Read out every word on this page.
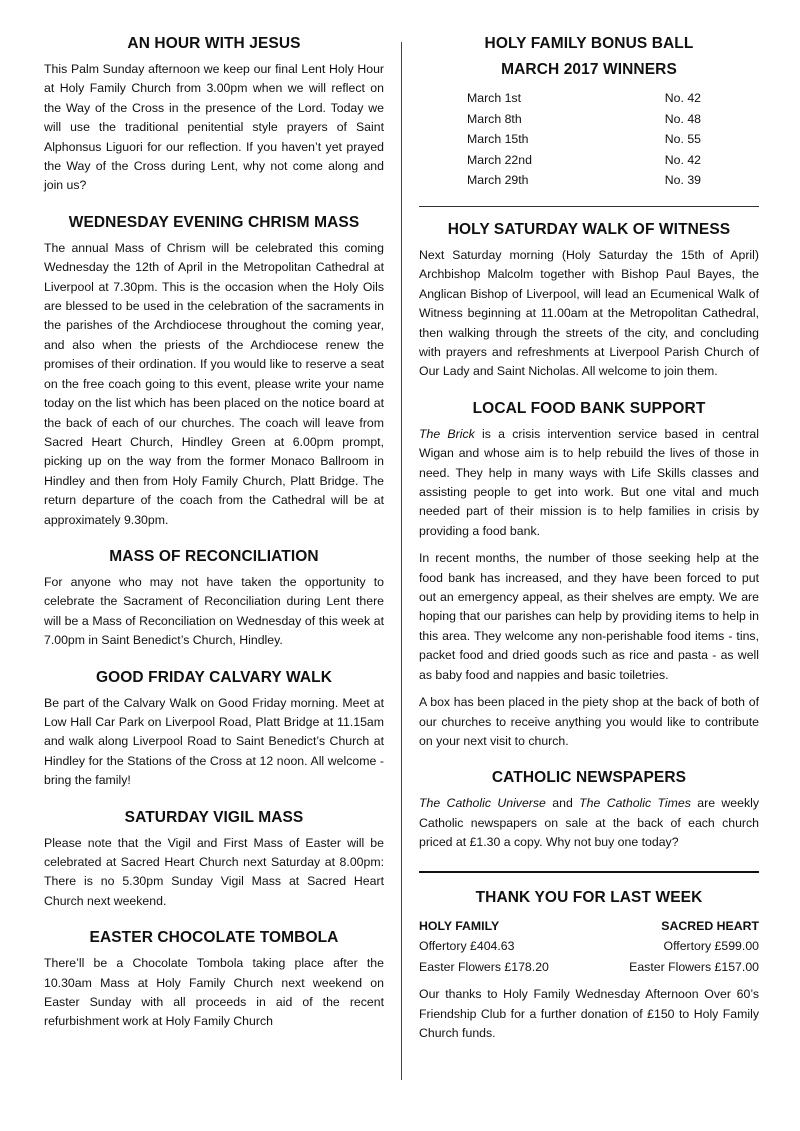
AN HOUR WITH JESUS

This Palm Sunday afternoon we keep our final Lent Holy Hour at Holy Family Church from 3.00pm when we will reflect on the Way of the Cross in the presence of the Lord. Today we will use the traditional penitential style prayers of Saint Alphonsus Liguori for our reflection. If you haven’t yet prayed the Way of the Cross during Lent, why not come along and join us?

WEDNESDAY EVENING CHRISM MASS

The annual Mass of Chrism will be celebrated this coming Wednesday the 12th of April in the Metropolitan Cathedral at Liverpool at 7.30pm. This is the occasion when the Holy Oils are blessed to be used in the celebration of the sacraments in the parishes of the Archdiocese throughout the coming year, and also when the priests of the Archdiocese renew the promises of their ordination. If you would like to reserve a seat on the free coach going to this event, please write your name today on the list which has been placed on the notice board at the back of each of our churches. The coach will leave from Sacred Heart Church, Hindley Green at 6.00pm prompt, picking up on the way from the former Monaco Ballroom in Hindley and then from Holy Family Church, Platt Bridge. The return departure of the coach from the Cathedral will be at approximately 9.30pm.

MASS OF RECONCILIATION

For anyone who may not have taken the opportunity to celebrate the Sacrament of Reconciliation during Lent there will be a Mass of Reconciliation on Wednesday of this week at 7.00pm in Saint Benedict’s Church, Hindley.

GOOD FRIDAY CALVARY WALK

Be part of the Calvary Walk on Good Friday morning. Meet at Low Hall Car Park on Liverpool Road, Platt Bridge at 11.15am and walk along Liverpool Road to Saint Benedict’s Church at Hindley for the Stations of the Cross at 12 noon. All welcome - bring the family!

SATURDAY VIGIL MASS

Please note that the Vigil and First Mass of Easter will be celebrated at Sacred Heart Church next Saturday at 8.00pm: There is no 5.30pm Sunday Vigil Mass at Sacred Heart Church next weekend.

EASTER CHOCOLATE TOMBOLA

There’ll be a Chocolate Tombola taking place after the 10.30am Mass at Holy Family Church next weekend on Easter Sunday with all proceeds in aid of the recent refurbishment work at Holy Family Church

HOLY FAMILY BONUS BALL
MARCH 2017 WINNERS
March 1st	No. 42
March 8th	No. 48
March 15th	No. 55
March 22nd	No. 42
March 29th	No. 39
HOLY SATURDAY WALK OF WITNESS

Next Saturday morning (Holy Saturday the 15th of April) Archbishop Malcolm together with Bishop Paul Bayes, the Anglican Bishop of Liverpool, will lead an Ecumenical Walk of Witness beginning at 11.00am at the Metropolitan Cathedral, then walking through the streets of the city, and concluding with prayers and refreshments at Liverpool Parish Church of Our Lady and Saint Nicholas. All welcome to join them.

LOCAL FOOD BANK SUPPORT

The Brick is a crisis intervention service based in central Wigan and whose aim is to help rebuild the lives of those in need. They help in many ways with Life Skills classes and assisting people to get into work. But one vital and much needed part of their mission is to help families in crisis by providing a food bank.

In recent months, the number of those seeking help at the food bank has increased, and they have been forced to put out an emergency appeal, as their shelves are empty. We are hoping that our parishes can help by providing items to help in this area. They welcome any non-perishable food items - tins, packet food and dried goods such as rice and pasta - as well as baby food and nappies and basic toiletries.

A box has been placed in the piety shop at the back of both of our churches to receive anything you would like to contribute on your next visit to church.

CATHOLIC NEWSPAPERS

The Catholic Universe and The Catholic Times are weekly Catholic newspapers on sale at the back of each church priced at £1.30 a copy. Why not buy one today?

THANK YOU FOR LAST WEEK
HOLY FAMILY	SACRED HEART
Offertory £404.63	Offertory £599.00
Easter Flowers £178.20	Easter Flowers £157.00

Our thanks to Holy Family Wednesday Afternoon Over 60’s Friendship Club for a further donation of £150 to Holy Family Church funds.
